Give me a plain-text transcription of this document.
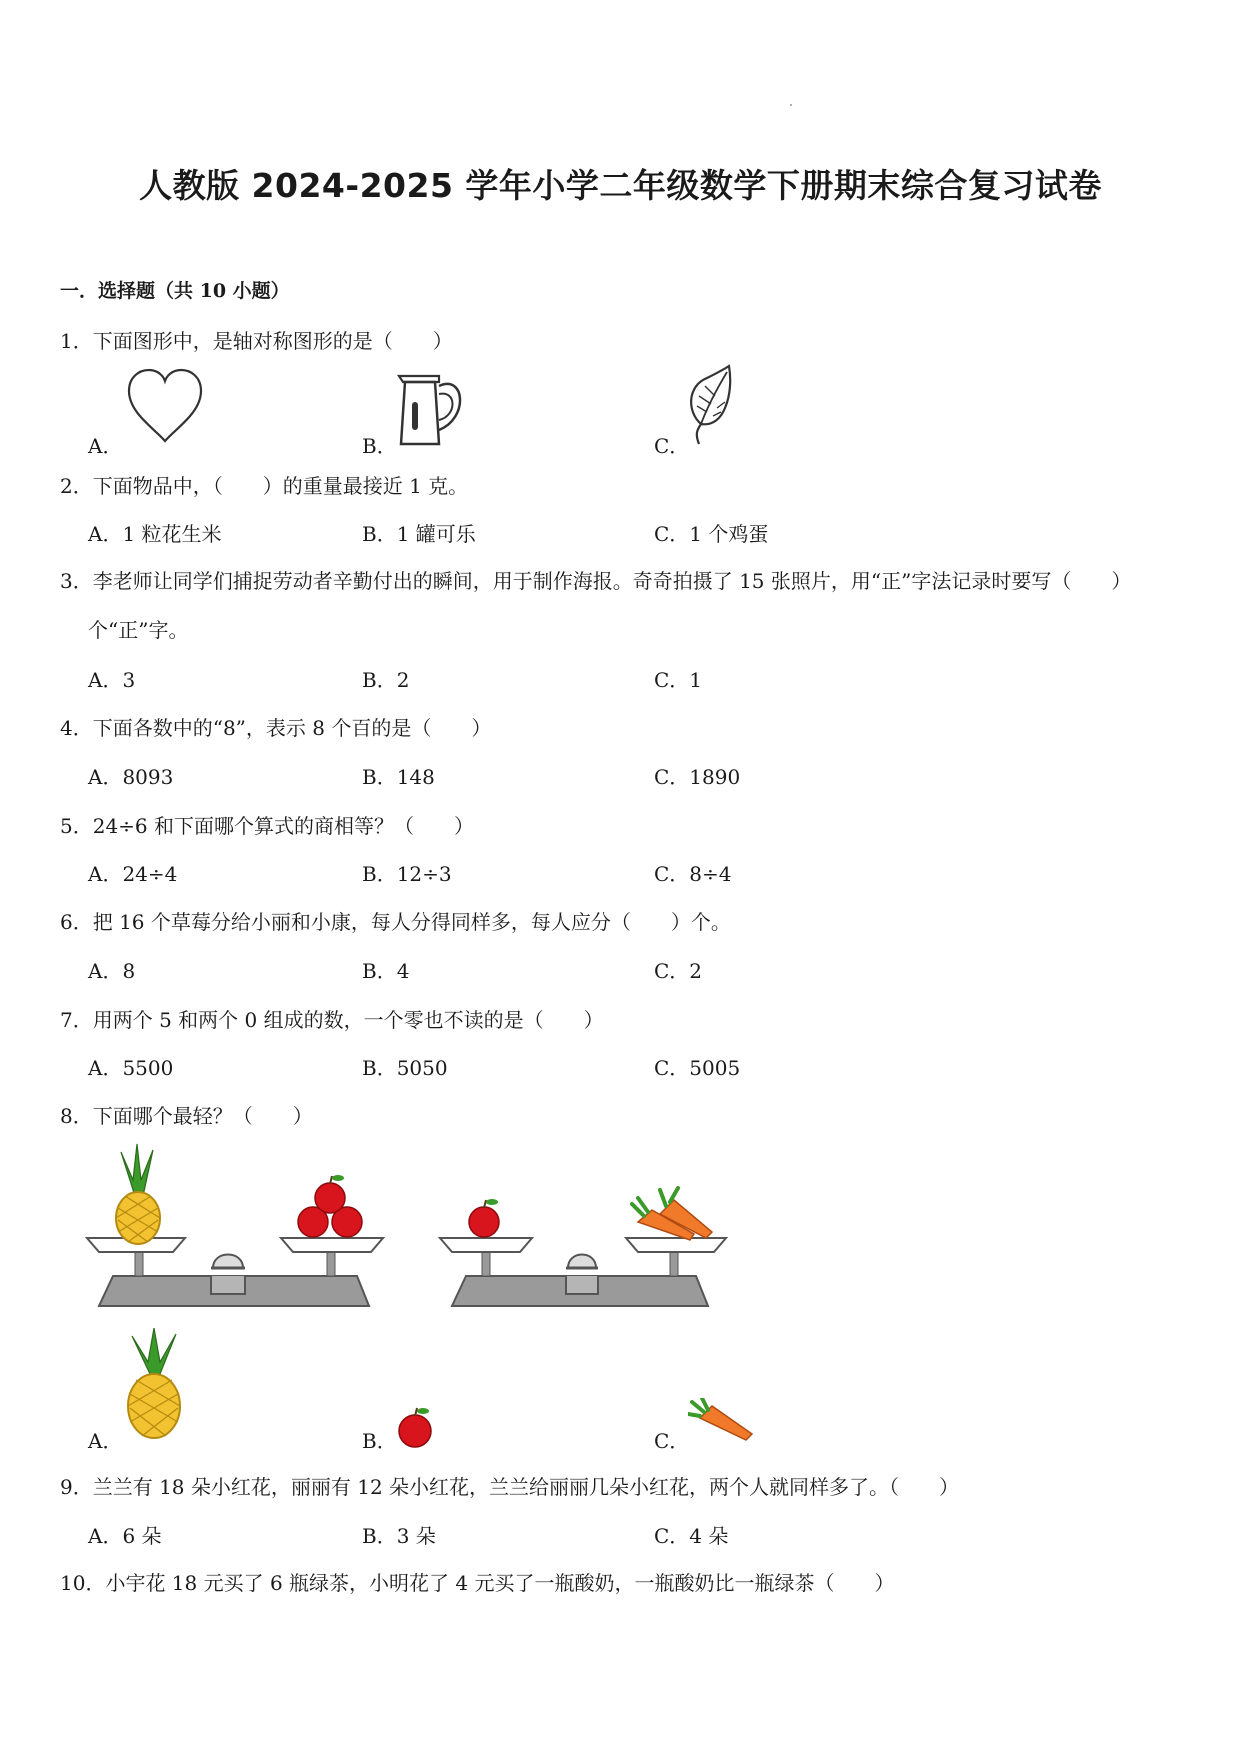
人教版 2024-2025 学年小学二年级数学下册期末综合复习试卷
一．选择题（共 10 小题）
1．下面图形中，是轴对称图形的是（　　）
A．	B．	C．
2．下面物品中，（　　）的重量最接近 1 克。
A．1 粒花生米	B．1 罐可乐	C．1 个鸡蛋
3．李老师让同学们捕捉劳动者辛勤付出的瞬间，用于制作海报。奇奇拍摄了 15 张照片，用“正”字法记录时要写（　　）
个“正”字。
A．3	B．2	C．1
4．下面各数中的“8”，表示 8 个百的是（　　）
A．8093	B．148	C．1890
5．24÷6 和下面哪个算式的商相等？（　　）
A．24÷4	B．12÷3	C．8÷4
6．把 16 个草莓分给小丽和小康，每人分得同样多，每人应分（　　）个。
A．8	B．4	C．2
7．用两个 5 和两个 0 组成的数，一个零也不读的是（　　）
A．5500	B．5050	C．5005
8．下面哪个最轻？（　　）
A．	B．	C．
9．兰兰有 18 朵小红花，丽丽有 12 朵小红花，兰兰给丽丽几朵小红花，两个人就同样多了。（　　）
A．6 朵	B．3 朵	C．4 朵
10．小宇花 18 元买了 6 瓶绿茶，小明花了 4 元买了一瓶酸奶，一瓶酸奶比一瓶绿茶（　　）
